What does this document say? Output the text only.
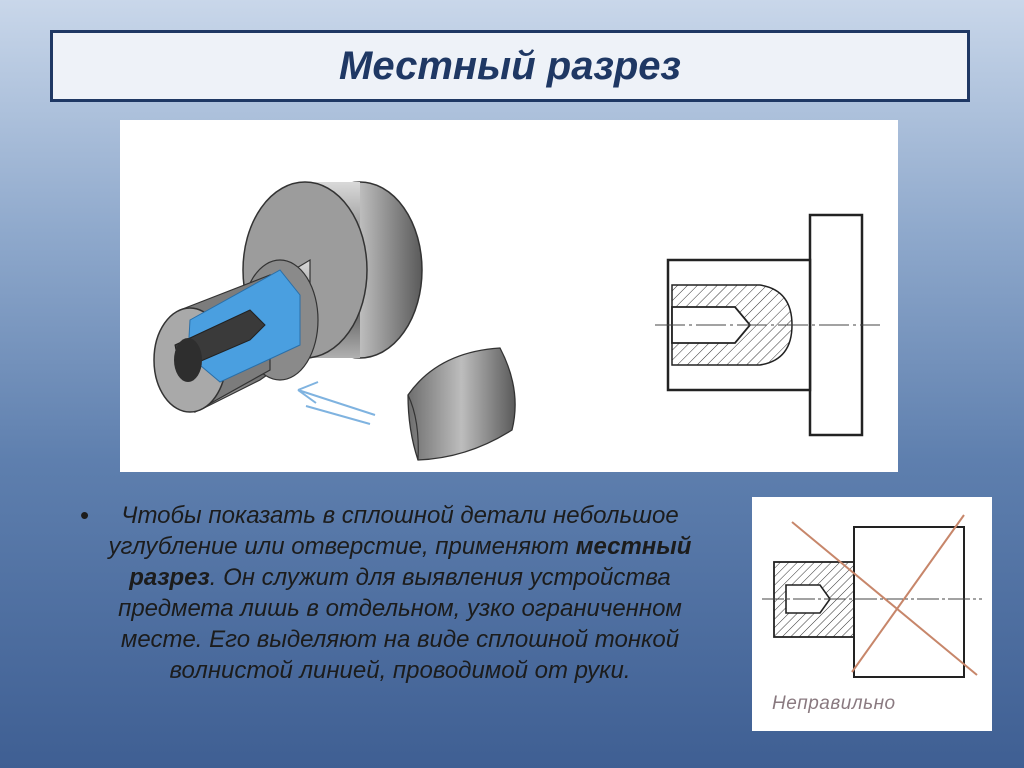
Местный разрез
•	Чтобы показать в сплошной детали небольшое углубление или отверстие, применяют местный разрез. Он служит для выявления устройства предмета лишь в отдельном, узко ограниченном месте. Его выделяют на виде сплошной тонкой волнистой линией, проводимой от руки.

Неправильно
